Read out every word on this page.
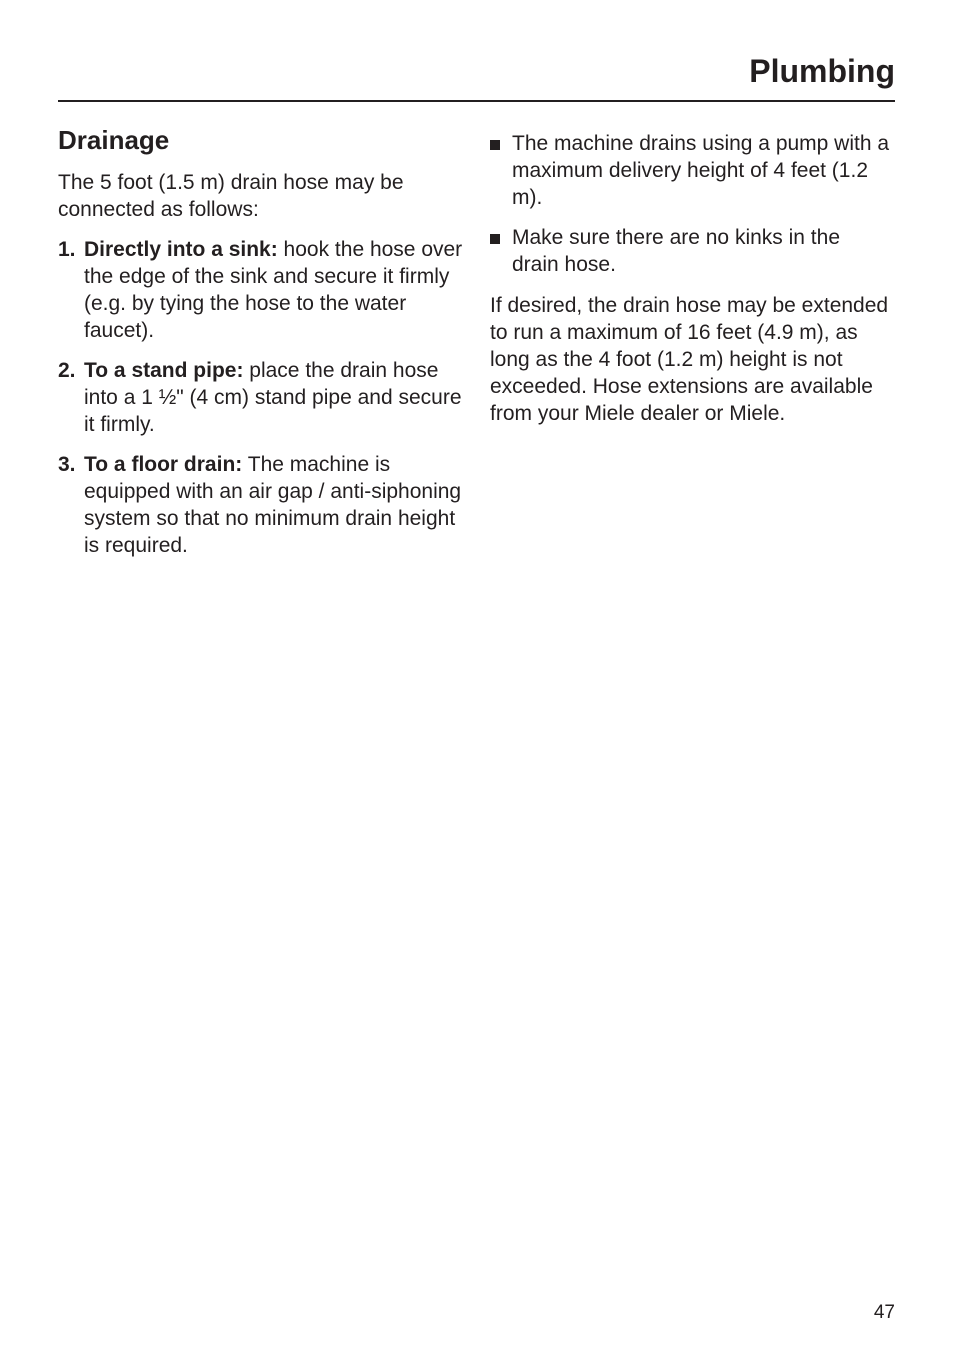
Plumbing
Drainage

The 5 foot (1.5 m) drain hose may be connected as follows:

1. Directly into a sink: hook the hose over the edge of the sink and secure it firmly (e.g. by tying the hose to the water faucet).
2. To a stand pipe: place the drain hose into a 1 ½" (4 cm) stand pipe and secure it firmly.
3. To a floor drain: The machine is equipped with an air gap / anti-siphoning system so that no minimum drain height is required.
The machine drains using a pump with a maximum delivery height of 4 feet (1.2 m).
Make sure there are no kinks in the drain hose.

If desired, the drain hose may be extended to run a maximum of 16 feet (4.9 m), as long as the 4 foot (1.2 m) height is not exceeded. Hose extensions are available from your Miele dealer or Miele.

47
